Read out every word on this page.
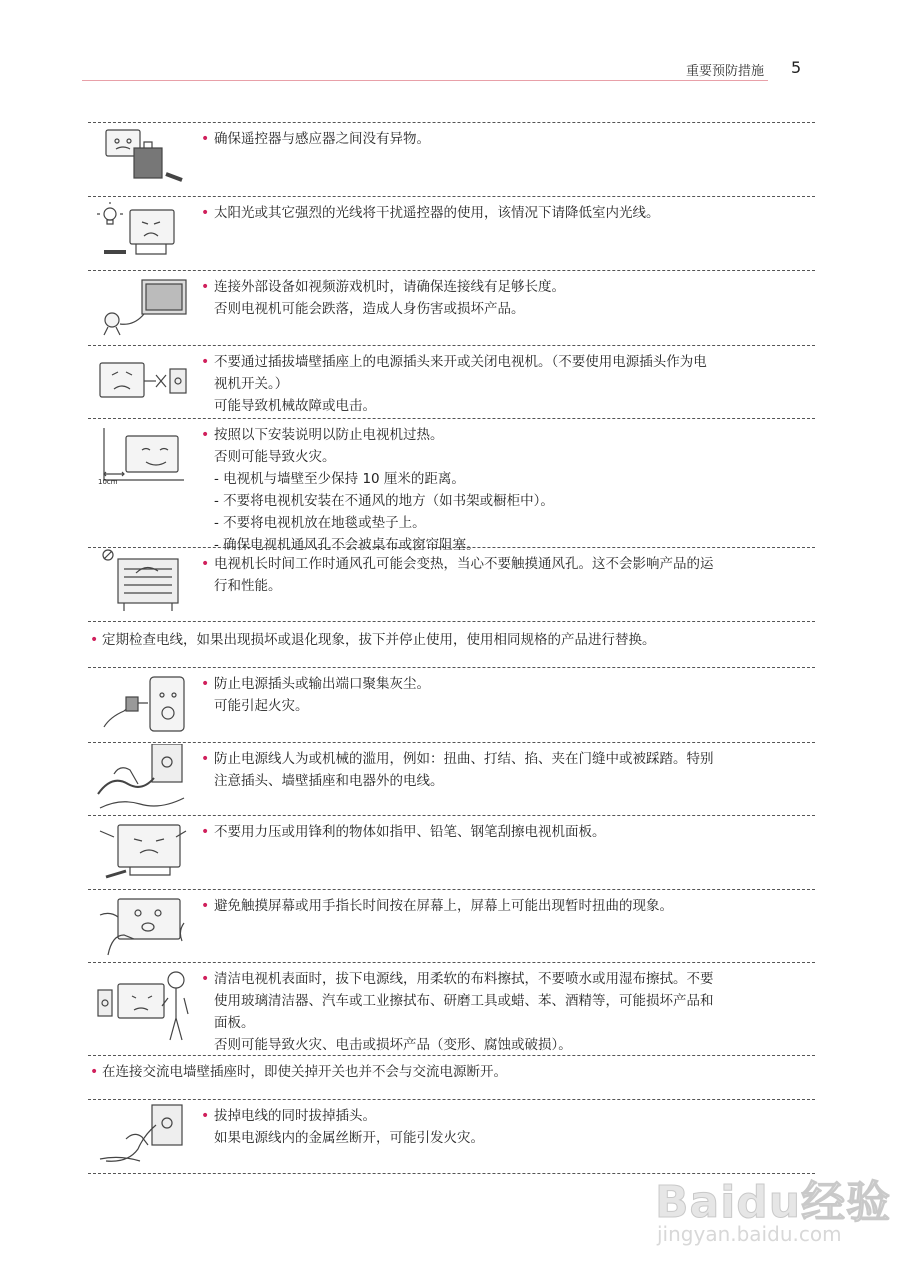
重要预防措施 5
• 确保遥控器与感应器之间没有异物。
• 太阳光或其它强烈的光线将干扰遥控器的使用，该情况下请降低室内光线。
• 连接外部设备如视频游戏机时，请确保连接线有足够长度。
否则电视机可能会跌落，造成人身伤害或损坏产品。
• 不要通过插拔墙壁插座上的电源插头来开或关闭电视机。（不要使用电源插头作为电
视机开关。）
可能导致机械故障或电击。
10cm
• 按照以下安装说明以防止电视机过热。
否则可能导致火灾。
- 电视机与墙壁至少保持 10 厘米的距离。
- 不要将电视机安装在不通风的地方（如书架或橱柜中）。
- 不要将电视机放在地毯或垫子上。
- 确保电视机通风孔不会被桌布或窗帘阻塞。
• 电视机长时间工作时通风孔可能会变热，当心不要触摸通风孔。这不会影响产品的运
行和性能。
• 定期检查电线，如果出现损坏或退化现象，拔下并停止使用，使用相同规格的产品进行替换。
• 防止电源插头或输出端口聚集灰尘。
可能引起火灾。
• 防止电源线人为或机械的滥用，例如：扭曲、打结、掐、夹在门缝中或被踩踏。特别
注意插头、墙壁插座和电器外的电线。
• 不要用力压或用锋利的物体如指甲、铅笔、钢笔刮擦电视机面板。
• 避免触摸屏幕或用手指长时间按在屏幕上，屏幕上可能出现暂时扭曲的现象。
• 清洁电视机表面时，拔下电源线，用柔软的布料擦拭，不要喷水或用湿布擦拭。不要
使用玻璃清洁器、汽车或工业擦拭布、研磨工具或蜡、苯、酒精等，可能损坏产品和
面板。
否则可能导致火灾、电击或损坏产品（变形、腐蚀或破损）。
• 在连接交流电墙壁插座时，即使关掉开关也并不会与交流电源断开。
• 拔掉电线的同时拔掉插头。
如果电源线内的金属丝断开，可能引发火灾。
Baidu经验
jingyan.baidu.com
